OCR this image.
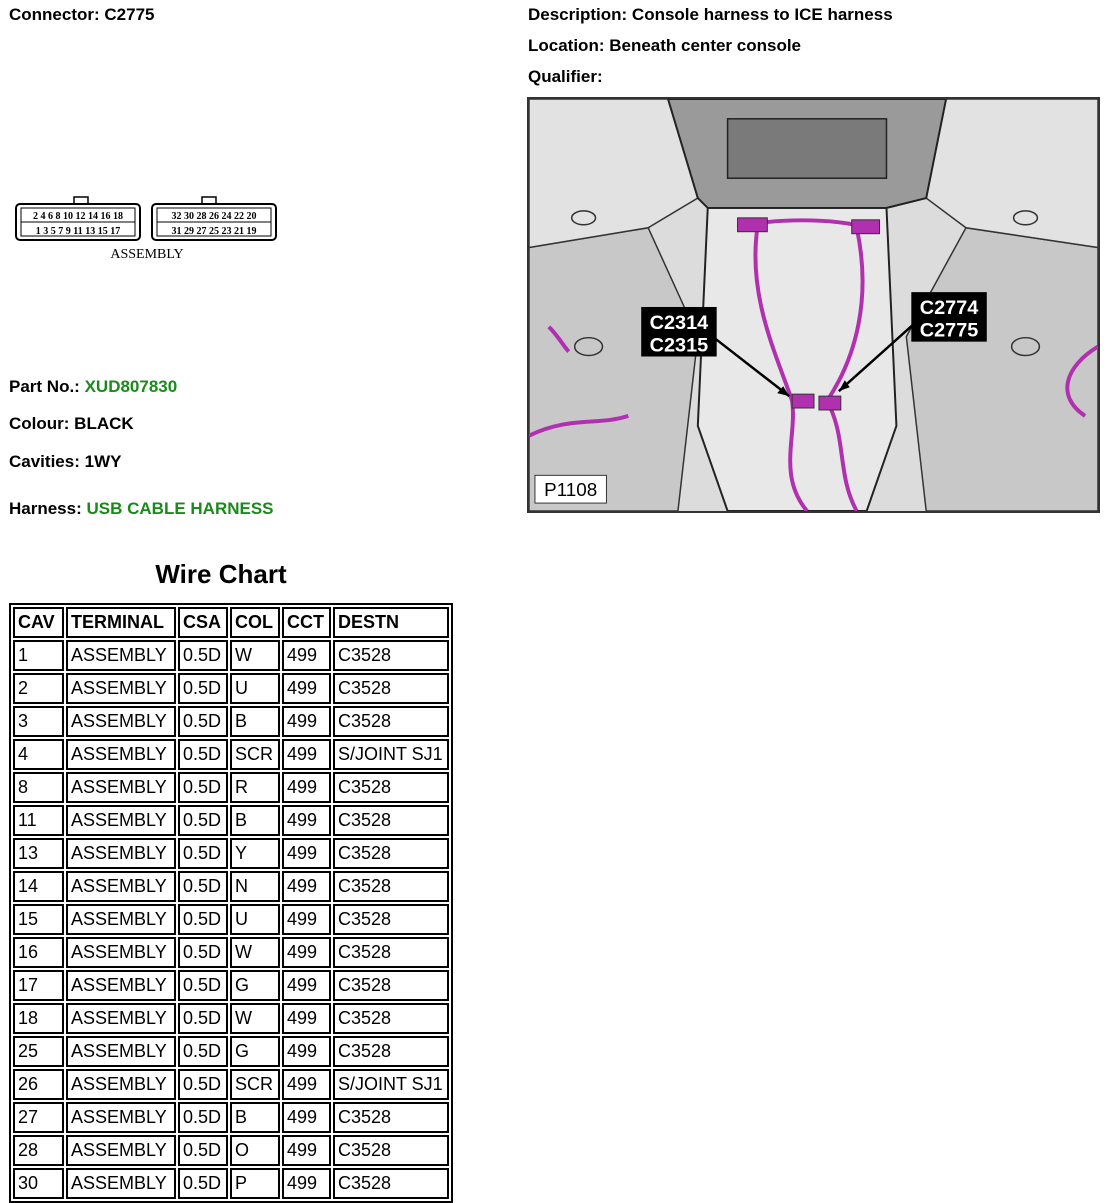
Connector: C2775	Description: Console harness to ICE harness
Location: Beneath center console
Qualifier:
2 4 6 8 10 12 14 16 18
1 3 5 7 9 11 13 15 17
32 30 28 26 24 22 20
31 29 27 25 23 21 19
ASSEMBLY
Part No.: XUD807830
Colour: BLACK
Cavities: 1WY
Harness: USB CABLE HARNESS
C2314
C2315
C2774
C2775
P1108
Wire Chart
CAV	TERMINAL	CSA	COL	CCT	DESTN
1	ASSEMBLY	0.5D	W	499	C3528
2	ASSEMBLY	0.5D	U	499	C3528
3	ASSEMBLY	0.5D	B	499	C3528
4	ASSEMBLY	0.5D	SCR	499	S/JOINT SJ1
8	ASSEMBLY	0.5D	R	499	C3528
11	ASSEMBLY	0.5D	B	499	C3528
13	ASSEMBLY	0.5D	Y	499	C3528
14	ASSEMBLY	0.5D	N	499	C3528
15	ASSEMBLY	0.5D	U	499	C3528
16	ASSEMBLY	0.5D	W	499	C3528
17	ASSEMBLY	0.5D	G	499	C3528
18	ASSEMBLY	0.5D	W	499	C3528
25	ASSEMBLY	0.5D	G	499	C3528
26	ASSEMBLY	0.5D	SCR	499	S/JOINT SJ1
27	ASSEMBLY	0.5D	B	499	C3528
28	ASSEMBLY	0.5D	O	499	C3528
30	ASSEMBLY	0.5D	P	499	C3528
